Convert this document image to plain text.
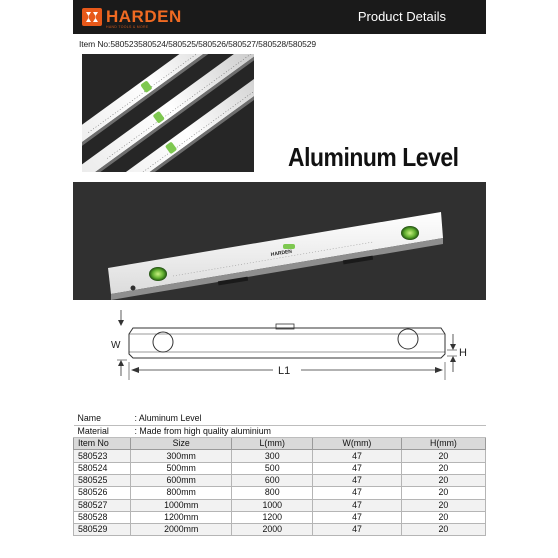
HARDEN
HAND TOOLS & MORE
Product Details
Item No:580523580524/580525/580526/580527/580528/580529
Aluminum Level
HARDEN
W
H
L1
Name	: Aluminum Level			
Material	: Made from high quality aluminium			
Item No	Size	L(mm)	W(mm)	H(mm)
580523	300mm	300	47	20
580524	500mm	500	47	20
580525	600mm	600	47	20
580526	800mm	800	47	20
580527	1000mm	1000	47	20
580528	1200mm	1200	47	20
580529	2000mm	2000	47	20
